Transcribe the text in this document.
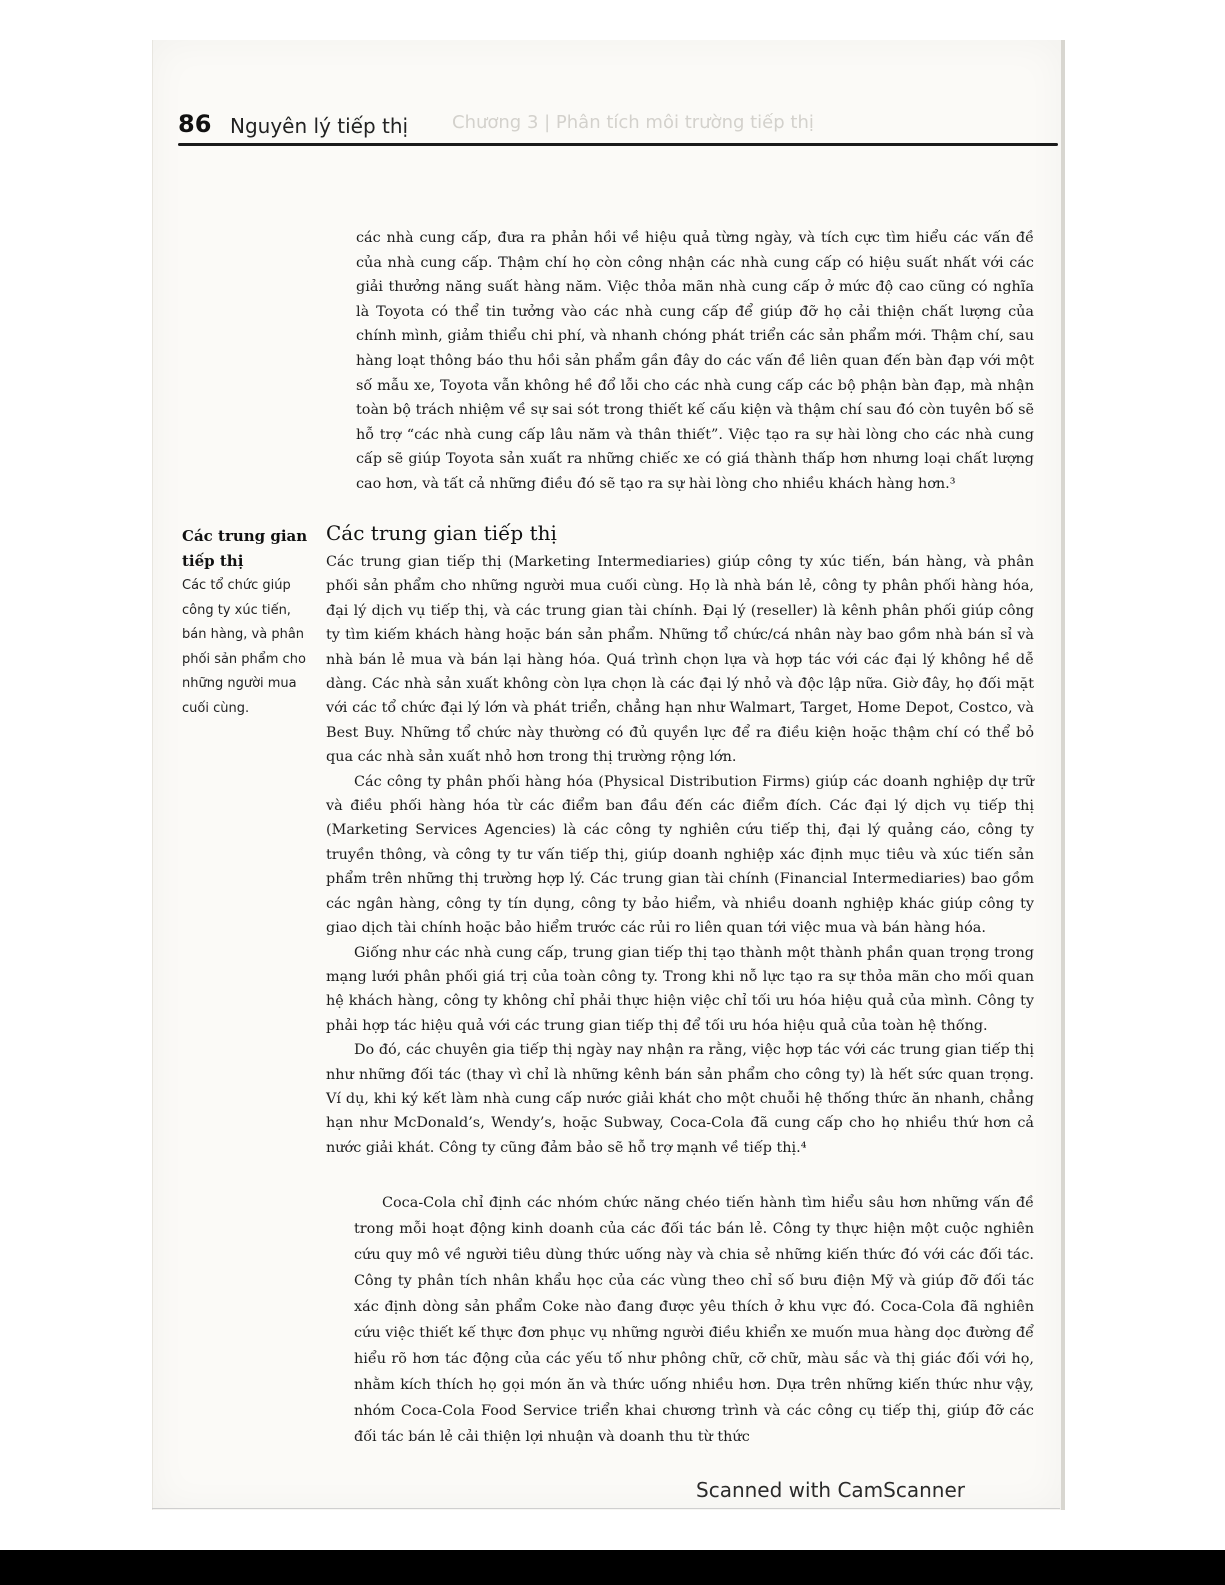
Chương 3 | Phân tích môi trường tiếp thị
86 Nguyên lý tiếp thị

các nhà cung cấp, đưa ra phản hồi về hiệu quả từng ngày, và tích cực tìm hiểu các vấn đề của nhà cung cấp. Thậm chí họ còn công nhận các nhà cung cấp có hiệu suất nhất với các giải thưởng năng suất hàng năm. Việc thỏa mãn nhà cung cấp ở mức độ cao cũng có nghĩa là Toyota có thể tin tưởng vào các nhà cung cấp để giúp đỡ họ cải thiện chất lượng của chính mình, giảm thiểu chi phí, và nhanh chóng phát triển các sản phẩm mới. Thậm chí, sau hàng loạt thông báo thu hồi sản phẩm gần đây do các vấn đề liên quan đến bàn đạp với một số mẫu xe, Toyota vẫn không hề đổ lỗi cho các nhà cung cấp các bộ phận bàn đạp, mà nhận toàn bộ trách nhiệm về sự sai sót trong thiết kế cấu kiện và thậm chí sau đó còn tuyên bố sẽ hỗ trợ “các nhà cung cấp lâu năm và thân thiết”. Việc tạo ra sự hài lòng cho các nhà cung cấp sẽ giúp Toyota sản xuất ra những chiếc xe có giá thành thấp hơn nhưng loại chất lượng cao hơn, và tất cả những điều đó sẽ tạo ra sự hài lòng cho nhiều khách hàng hơn.³

Các trung gian tiếp thị
Các tổ chức giúp công ty xúc tiến, bán hàng, và phân phối sản phẩm cho những người mua cuối cùng.
Các trung gian tiếp thị

Các trung gian tiếp thị (Marketing Intermediaries) giúp công ty xúc tiến, bán hàng, và phân phối sản phẩm cho những người mua cuối cùng. Họ là nhà bán lẻ, công ty phân phối hàng hóa, đại lý dịch vụ tiếp thị, và các trung gian tài chính. Đại lý (reseller) là kênh phân phối giúp công ty tìm kiếm khách hàng hoặc bán sản phẩm. Những tổ chức/cá nhân này bao gồm nhà bán sỉ và nhà bán lẻ mua và bán lại hàng hóa. Quá trình chọn lựa và hợp tác với các đại lý không hề dễ dàng. Các nhà sản xuất không còn lựa chọn là các đại lý nhỏ và độc lập nữa. Giờ đây, họ đối mặt với các tổ chức đại lý lớn và phát triển, chẳng hạn như Walmart, Target, Home Depot, Costco, và Best Buy. Những tổ chức này thường có đủ quyền lực để ra điều kiện hoặc thậm chí có thể bỏ qua các nhà sản xuất nhỏ hơn trong thị trường rộng lớn.

Các công ty phân phối hàng hóa (Physical Distribution Firms) giúp các doanh nghiệp dự trữ và điều phối hàng hóa từ các điểm ban đầu đến các điểm đích. Các đại lý dịch vụ tiếp thị (Marketing Services Agencies) là các công ty nghiên cứu tiếp thị, đại lý quảng cáo, công ty truyền thông, và công ty tư vấn tiếp thị, giúp doanh nghiệp xác định mục tiêu và xúc tiến sản phẩm trên những thị trường hợp lý. Các trung gian tài chính (Financial Intermediaries) bao gồm các ngân hàng, công ty tín dụng, công ty bảo hiểm, và nhiều doanh nghiệp khác giúp công ty giao dịch tài chính hoặc bảo hiểm trước các rủi ro liên quan tới việc mua và bán hàng hóa.

Giống như các nhà cung cấp, trung gian tiếp thị tạo thành một thành phần quan trọng trong mạng lưới phân phối giá trị của toàn công ty. Trong khi nỗ lực tạo ra sự thỏa mãn cho mối quan hệ khách hàng, công ty không chỉ phải thực hiện việc chỉ tối ưu hóa hiệu quả của mình. Công ty phải hợp tác hiệu quả với các trung gian tiếp thị để tối ưu hóa hiệu quả của toàn hệ thống.

Do đó, các chuyên gia tiếp thị ngày nay nhận ra rằng, việc hợp tác với các trung gian tiếp thị như những đối tác (thay vì chỉ là những kênh bán sản phẩm cho công ty) là hết sức quan trọng. Ví dụ, khi ký kết làm nhà cung cấp nước giải khát cho một chuỗi hệ thống thức ăn nhanh, chẳng hạn như McDonald’s, Wendy’s, hoặc Subway, Coca-Cola đã cung cấp cho họ nhiều thứ hơn cả nước giải khát. Công ty cũng đảm bảo sẽ hỗ trợ mạnh về tiếp thị.⁴

Coca-Cola chỉ định các nhóm chức năng chéo tiến hành tìm hiểu sâu hơn những vấn đề trong mỗi hoạt động kinh doanh của các đối tác bán lẻ. Công ty thực hiện một cuộc nghiên cứu quy mô về người tiêu dùng thức uống này và chia sẻ những kiến thức đó với các đối tác. Công ty phân tích nhân khẩu học của các vùng theo chỉ số bưu điện Mỹ và giúp đỡ đối tác xác định dòng sản phẩm Coke nào đang được yêu thích ở khu vực đó. Coca-Cola đã nghiên cứu việc thiết kế thực đơn phục vụ những người điều khiển xe muốn mua hàng dọc đường để hiểu rõ hơn tác động của các yếu tố như phông chữ, cỡ chữ, màu sắc và thị giác đối với họ, nhằm kích thích họ gọi món ăn và thức uống nhiều hơn. Dựa trên những kiến thức như vậy, nhóm Coca-Cola Food Service triển khai chương trình và các công cụ tiếp thị, giúp đỡ các đối tác bán lẻ cải thiện lợi nhuận và doanh thu từ thức

Scanned with CamScanner
